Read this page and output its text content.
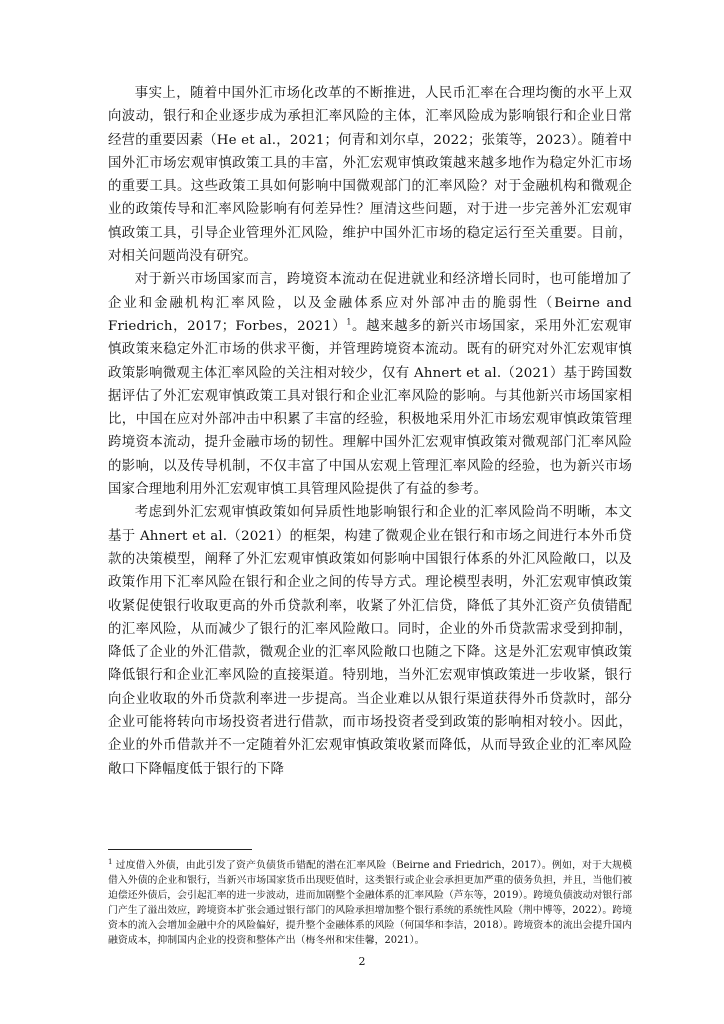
事实上，随着中国外汇市场化改革的不断推进，人民币汇率在合理均衡的水平上双向波动，银行和企业逐步成为承担汇率风险的主体，汇率风险成为影响银行和企业日常经营的重要因素（He et al.，2021；何青和刘尔卓，2022；张策等，2023）。随着中国外汇市场宏观审慎政策工具的丰富，外汇宏观审慎政策越来越多地作为稳定外汇市场的重要工具。这些政策工具如何影响中国微观部门的汇率风险？对于金融机构和微观企业的政策传导和汇率风险影响有何差异性？厘清这些问题，对于进一步完善外汇宏观审慎政策工具，引导企业管理外汇风险，维护中国外汇市场的稳定运行至关重要。目前，对相关问题尚没有研究。

对于新兴市场国家而言，跨境资本流动在促进就业和经济增长同时，也可能增加了企业和金融机构汇率风险，以及金融体系应对外部冲击的脆弱性（Beirne and Friedrich，2017；Forbes，2021）$^1$。越来越多的新兴市场国家，采用外汇宏观审慎政策来稳定外汇市场的供求平衡，并管理跨境资本流动。既有的研究对外汇宏观审慎政策影响微观主体汇率风险的关注相对较少，仅有 Ahnert et al.（2021）基于跨国数据评估了外汇宏观审慎政策工具对银行和企业汇率风险的影响。与其他新兴市场国家相比，中国在应对外部冲击中积累了丰富的经验，积极地采用外汇市场宏观审慎政策管理跨境资本流动，提升金融市场的韧性。理解中国外汇宏观审慎政策对微观部门汇率风险的影响，以及传导机制，不仅丰富了中国从宏观上管理汇率风险的经验，也为新兴市场国家合理地利用外汇宏观审慎工具管理风险提供了有益的参考。

考虑到外汇宏观审慎政策如何异质性地影响银行和企业的汇率风险尚不明晰，本文基于 Ahnert et al.（2021）的框架，构建了微观企业在银行和市场之间进行本外币贷款的决策模型，阐释了外汇宏观审慎政策如何影响中国银行体系的外汇风险敞口，以及政策作用下汇率风险在银行和企业之间的传导方式。理论模型表明，外汇宏观审慎政策收紧促使银行收取更高的外币贷款利率，收紧了外汇信贷，降低了其外汇资产负债错配的汇率风险，从而减少了银行的汇率风险敞口。同时，企业的外币贷款需求受到抑制，降低了企业的外汇借款，微观企业的汇率风险敞口也随之下降。这是外汇宏观审慎政策降低银行和企业汇率风险的直接渠道。特别地，当外汇宏观审慎政策进一步收紧，银行向企业收取的外币贷款利率进一步提高。当企业难以从银行渠道获得外币贷款时，部分企业可能将转向市场投资者进行借款，而市场投资者受到政策的影响相对较小。因此，企业的外币借款并不一定随着外汇宏观审慎政策收紧而降低，从而导致企业的汇率风险敞口下降幅度低于银行的下降

$^1$ 过度借入外债，由此引发了资产负债货币错配的潜在汇率风险（Beirne and Friedrich，2017）。例如，对于大规模借入外债的企业和银行，当新兴市场国家货币出现贬值时，这类银行或企业会承担更加严重的债务负担，并且，当他们被迫偿还外债后，会引起汇率的进一步波动，进而加剧整个金融体系的汇率风险（芦东等，2019）。跨境负债波动对银行部门产生了溢出效应，跨境资本扩张会通过银行部门的风险承担增加整个银行系统的系统性风险（荆中博等，2022）。跨境资本的流入会增加金融中介的风险偏好，提升整个金融体系的风险（何国华和李洁，2018）。跨境资本的流出会提升国内融资成本，抑制国内企业的投资和整体产出（梅冬州和宋佳馨，2021）。

2
